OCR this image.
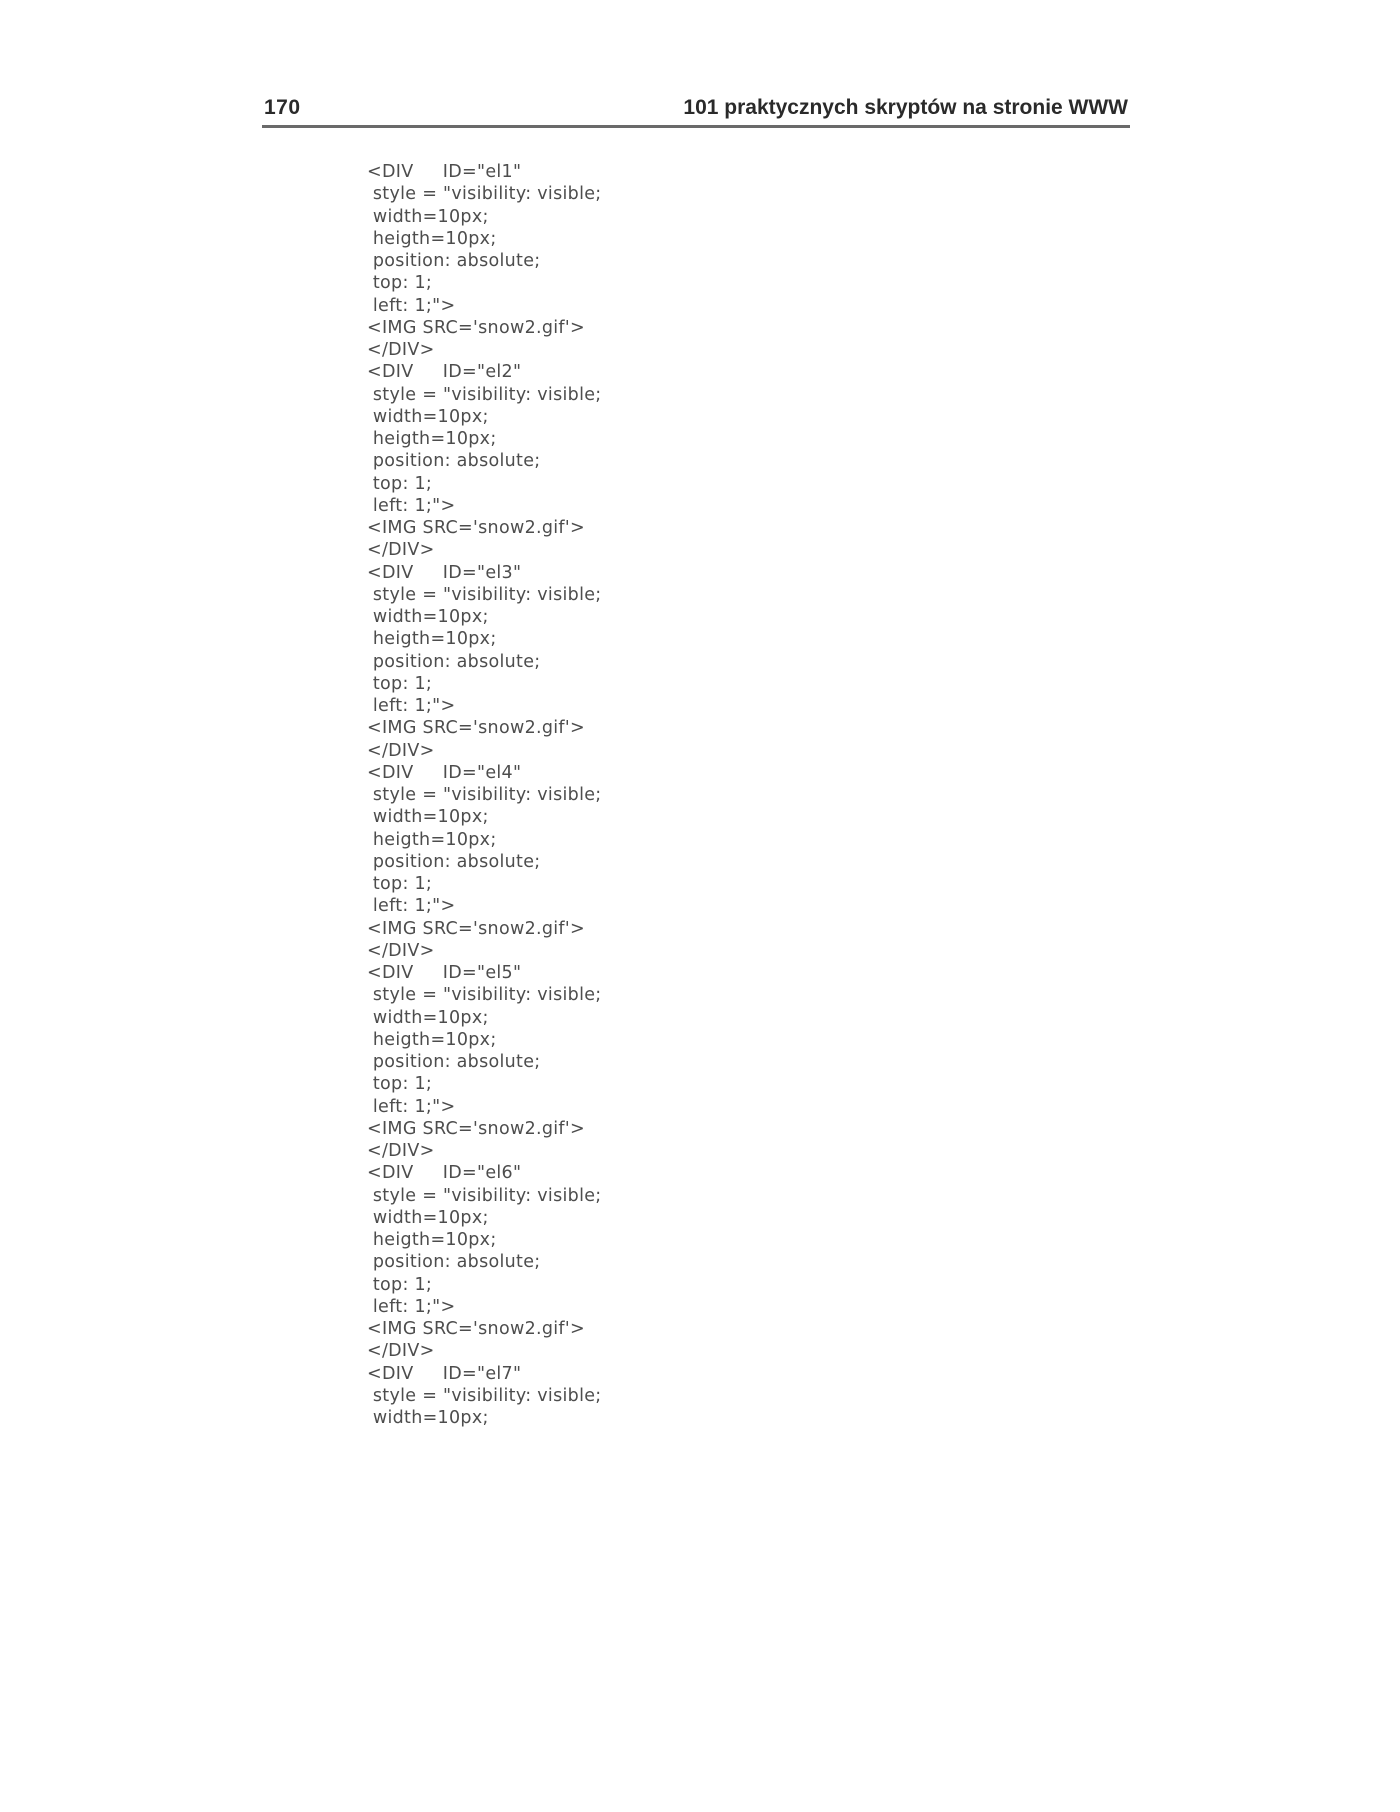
170	101 praktycznych skryptów na stronie WWW
<DIV     ID="el1"
style = "visibility: visible;
width=10px;
heigth=10px;
position: absolute;
top: 1;
left: 1;">
<IMG SRC='snow2.gif'>
</DIV>
<DIV     ID="el2"
style = "visibility: visible;
width=10px;
heigth=10px;
position: absolute;
top: 1;
left: 1;">
<IMG SRC='snow2.gif'>
</DIV>
<DIV     ID="el3"
style = "visibility: visible;
width=10px;
heigth=10px;
position: absolute;
top: 1;
left: 1;">
<IMG SRC='snow2.gif'>
</DIV>
<DIV     ID="el4"
style = "visibility: visible;
width=10px;
heigth=10px;
position: absolute;
top: 1;
left: 1;">
<IMG SRC='snow2.gif'>
</DIV>
<DIV     ID="el5"
style = "visibility: visible;
width=10px;
heigth=10px;
position: absolute;
top: 1;
left: 1;">
<IMG SRC='snow2.gif'>
</DIV>
<DIV     ID="el6"
style = "visibility: visible;
width=10px;
heigth=10px;
position: absolute;
top: 1;
left: 1;">
<IMG SRC='snow2.gif'>
</DIV>
<DIV     ID="el7"
style = "visibility: visible;
width=10px;
